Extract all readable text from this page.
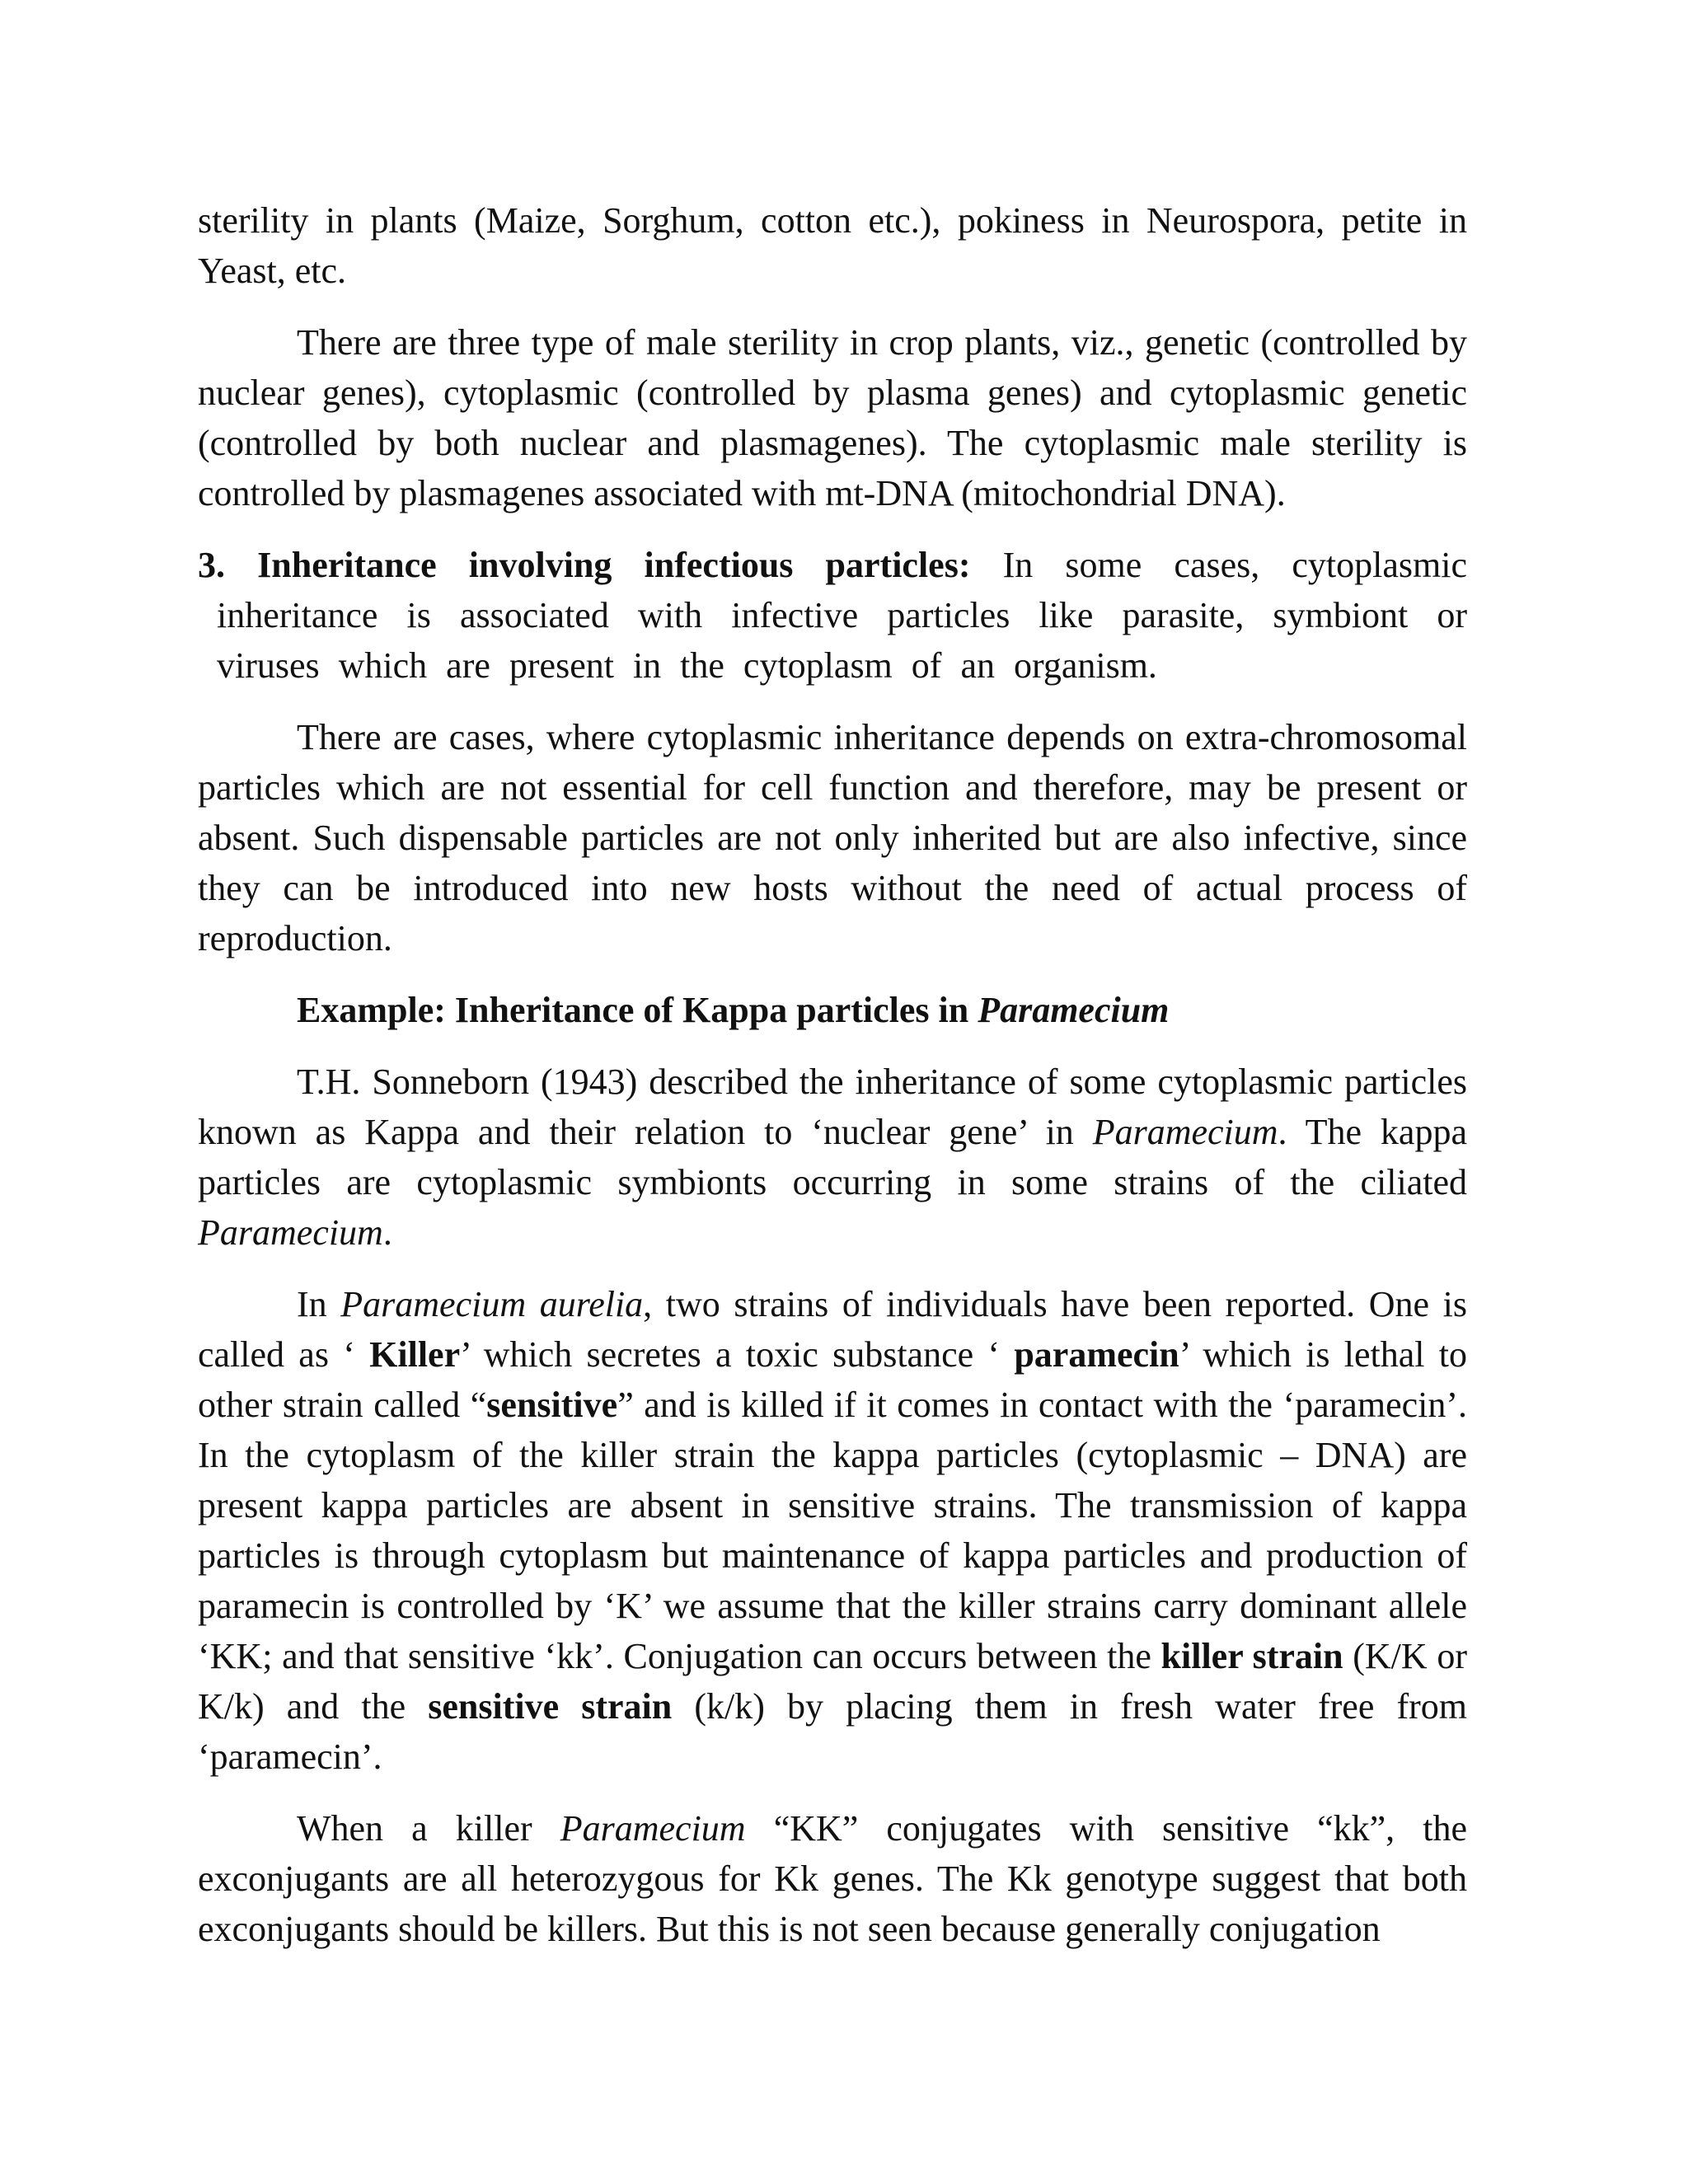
sterility in plants (Maize, Sorghum, cotton etc.), pokiness in Neurospora, petite in Yeast, etc.

There are three type of male sterility in crop plants, viz., genetic (controlled by nuclear genes), cytoplasmic (controlled by plasma genes) and cytoplasmic genetic (controlled by both nuclear and plasmagenes). The cytoplasmic male sterility is controlled by plasmagenes associated with mt-DNA (mitochondrial DNA).

3. Inheritance involving infectious particles: In some cases, cytoplasmic inheritance is associated with infective particles like parasite, symbiont or viruses which are present in the cytoplasm of an organism.

There are cases, where cytoplasmic inheritance depends on extra-chromosomal particles which are not essential for cell function and therefore, may be present or absent. Such dispensable particles are not only inherited but are also infective, since they can be introduced into new hosts without the need of actual process of reproduction.

Example: Inheritance of Kappa particles in Paramecium

T.H. Sonneborn (1943) described the inheritance of some cytoplasmic particles known as Kappa and their relation to ‘nuclear gene’ in Paramecium. The kappa particles are cytoplasmic symbionts occurring in some strains of the ciliated Paramecium.

In Paramecium aurelia, two strains of individuals have been reported. One is called as ‘ Killer’ which secretes a toxic substance ‘ paramecin’ which is lethal to other strain called “sensitive” and is killed if it comes in contact with the ‘paramecin’. In the cytoplasm of the killer strain the kappa particles (cytoplasmic – DNA) are present kappa particles are absent in sensitive strains. The transmission of kappa particles is through cytoplasm but maintenance of kappa particles and production of paramecin is controlled by ‘K’ we assume that the killer strains carry dominant allele ‘KK; and that sensitive ‘kk’. Conjugation can occurs between the killer strain (K/K or K/k) and the sensitive strain (k/k) by placing them in fresh water free from ‘paramecin’.

When a killer Paramecium “KK” conjugates with sensitive “kk”, the exconjugants are all heterozygous for Kk genes. The Kk genotype suggest that both exconjugants should be killers. But this is not seen because generally conjugation
